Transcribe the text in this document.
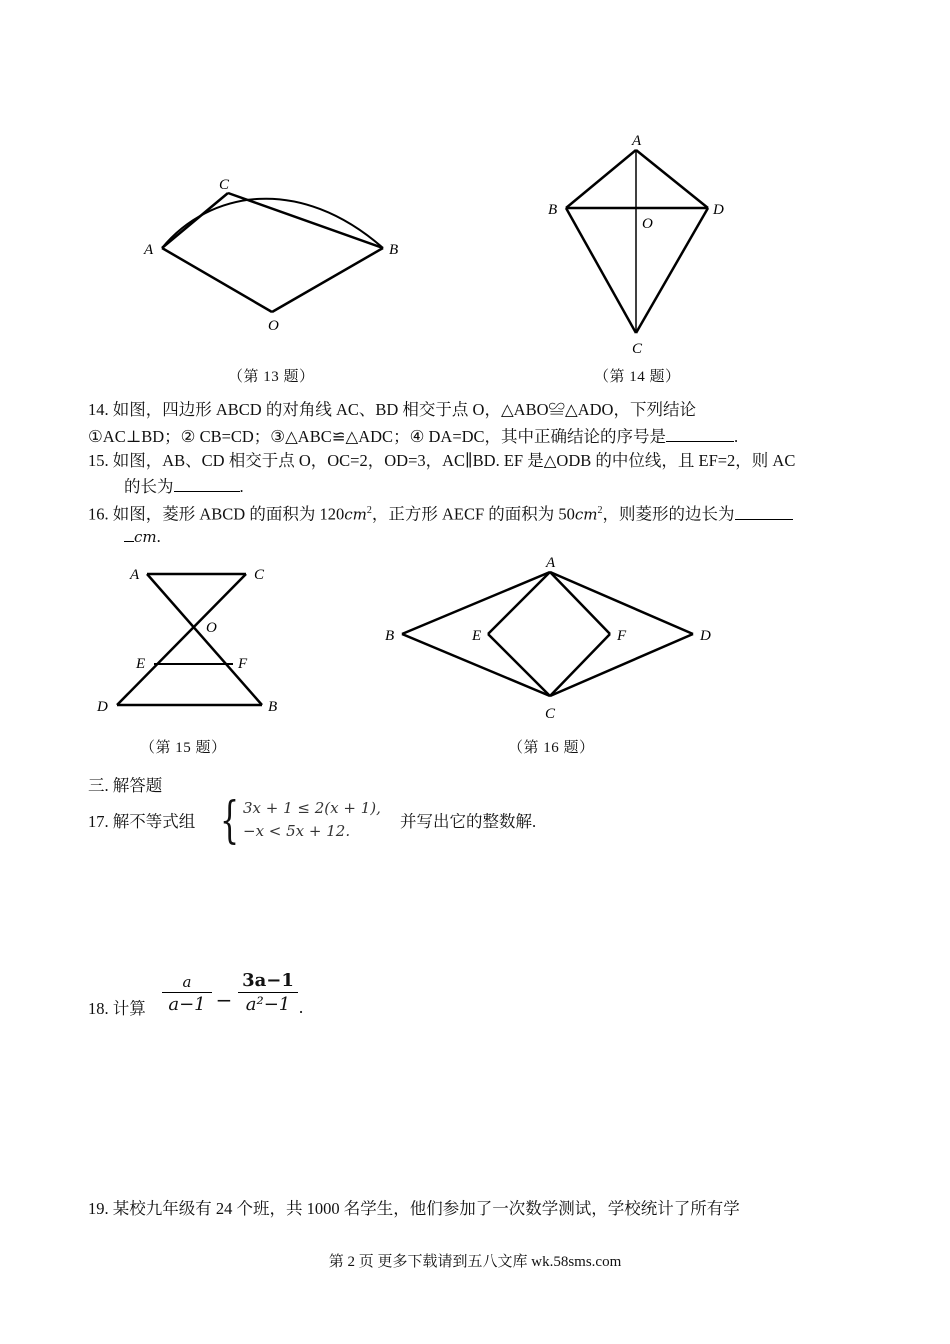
A
C
B
O
（第 13 题）
A
B	D
O
C
（第 14 题）
14. 如图，四边形 ABCD 的对角线 AC、BD 相交于点 O，△ABO≌△ADO，下列结论
①AC⊥BD；② CB=CD；③△ABC≌△ADC；④ DA=DC，其中正确结论的序号是	.
15. 如图，AB、CD 相交于点 O，OC=2，OD=3，AC∥BD. EF 是△ODB 的中位线，且 EF=2，则 AC
的长为	.
16. 如图，菱形 ABCD 的面积为 $120cm^2$，正方形 AECF 的面积为 $50cm^2$，则菱形的边长为
cm.
A	C
O
E	F
D	B
（第 15 题）
A
B	E	F	D
C
（第 16 题）
三. 解答题
17. 解不等式组 { 3x + 1 ≤ 2(x + 1),
−x < 5x + 12.	并写出它的整数解.
18. 计算
a
$a-1 - \frac{3a-1}{\text{a²−1}}$ .
19. 某校九年级有 24 个班，共 1000 名学生，他们参加了一次数学测试，学校统计了所有学
第 2 页 更多下载请到五八文库 wk.58sms.com
